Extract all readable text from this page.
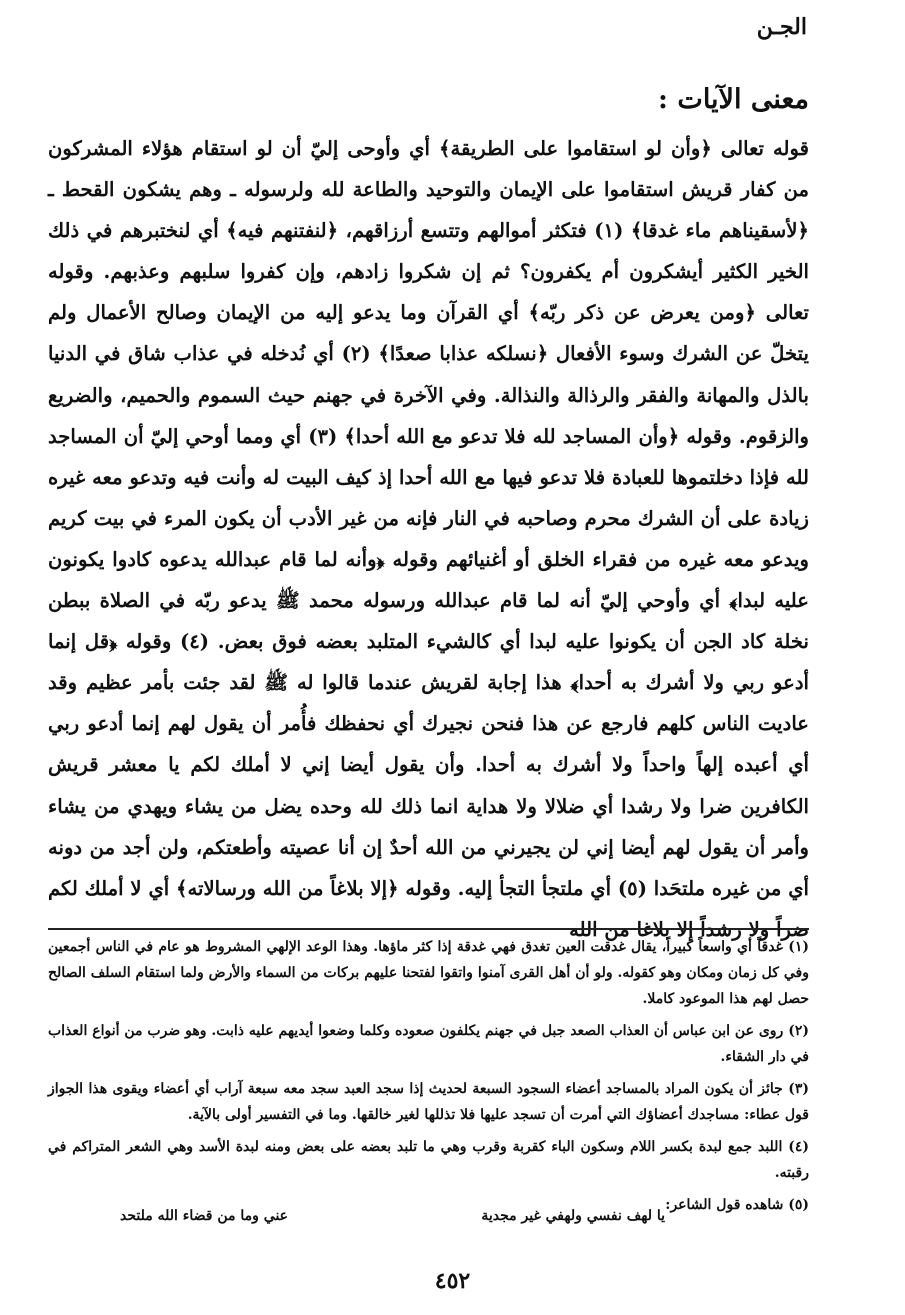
الجـن
معنى الآيات :

قوله تعالى ﴿وأن لو استقاموا على الطريقة﴾ أي وأوحى إليّ أن لو استقام هؤلاء المشركون من كفار قريش استقاموا على الإيمان والتوحيد والطاعة لله ولرسوله ـ وهم يشكون القحط ـ ﴿لأسقيناهم ماء غدقا﴾ (١) فتكثر أموالهم وتتسع أرزاقهم، ﴿لنفتنهم فيه﴾ أي لنختبرهم في ذلك الخير الكثير أيشكرون أم يكفرون؟ ثم إن شكروا زادهم، وإن كفروا سلبهم وعذبهم. وقوله تعالى ﴿ومن يعرض عن ذكر ربّه﴾ أي القرآن وما يدعو إليه من الإيمان وصالح الأعمال ولم يتخلّ عن الشرك وسوء الأفعال ﴿نسلكه عذابا صعدًا﴾ (٢) أي نُدخله في عذاب شاق في الدنيا بالذل والمهانة والفقر والرذالة والنذالة. وفي الآخرة في جهنم حيث السموم والحميم، والضريع والزقوم. وقوله ﴿وأن المساجد لله فلا تدعو مع الله أحدا﴾ (٣) أي ومما أوحي إليّ أن المساجد لله فإذا دخلتموها للعبادة فلا تدعو فيها مع الله أحدا إذ كيف البيت له وأنت فيه وتدعو معه غيره زيادة على أن الشرك محرم وصاحبه في النار فإنه من غير الأدب أن يكون المرء في بيت كريم ويدعو معه غيره من فقراء الخلق أو أغنيائهم وقوله ﴿وأنه لما قام عبدالله يدعوه كادوا يكونون عليه لبدا﴾ أي وأوحي إليّ أنه لما قام عبدالله ورسوله محمد ﷺ يدعو ربّه في الصلاة ببطن نخلة كاد الجن أن يكونوا عليه لبدا أي كالشيء المتلبد بعضه فوق بعض. (٤) وقوله ﴿قل إنما أدعو ربي ولا أشرك به أحدا﴾ هذا إجابة لقريش عندما قالوا له ﷺ لقد جئت بأمر عظيم وقد عاديت الناس كلهم فارجع عن هذا فنحن نجيرك أي نحفظك فأُمر أن يقول لهم إنما أدعو ربي أي أعبده إلهاً واحداً ولا أشرك به أحدا. وأن يقول أيضا إني لا أملك لكم يا معشر قريش الكافرين ضرا ولا رشدا أي ضلالا ولا هداية انما ذلك لله وحده يضل من يشاء ويهدي من يشاء وأمر أن يقول لهم أيضا إني لن يجيرني من الله أحدٌ إن أنا عصيته وأطعتكم، ولن أجد من دونه أي من غيره ملتحَدا (٥) أي ملتجأ التجأ إليه. وقوله ﴿إلا بلاغاً من الله ورسالاته﴾ أي لا أملك لكم ضراً ولا رشداً إلا بلاغا من الله

(١) غدقاً أي واسعاً كبيراً، يقال غدقت العين تغدق فهي غدقة إذا كثر ماؤها. وهذا الوعد الإلهي المشروط هو عام في الناس أجمعين وفي كل زمان ومكان وهو كقوله. ولو أن أهل القرى آمنوا واتقوا لفتحنا عليهم بركات من السماء والأرض ولما استقام السلف الصالح حصل لهم هذا الموعود كاملا.

(٢) روى عن ابن عباس أن العذاب الصعد جبل في جهنم يكلفون صعوده وكلما وضعوا أيديهم عليه ذابت. وهو ضرب من أنواع العذاب في دار الشقاء.

(٣) جائز أن يكون المراد بالمساجد أعضاء السجود السبعة لحديث إذا سجد العبد سجد معه سبعة آراب أي أعضاء ويقوى هذا الجواز قول عطاء: مساجدك أعضاؤك التي أمرت أن تسجد عليها فلا تذللها لغير خالقها. وما في التفسير أولى بالآية.

(٤) اللبد جمع لبدة بكسر اللام وسكون الباء كقربة وقرب وهي ما تلبد بعضه على بعض ومنه لبدة الأسد وهي الشعر المتراكم في رقبته.

(٥) شاهده قول الشاعر:

يا لهف نفسي ولهفي غير مجدية
عني وما من قضاء الله ملتحد
٤٥٢
